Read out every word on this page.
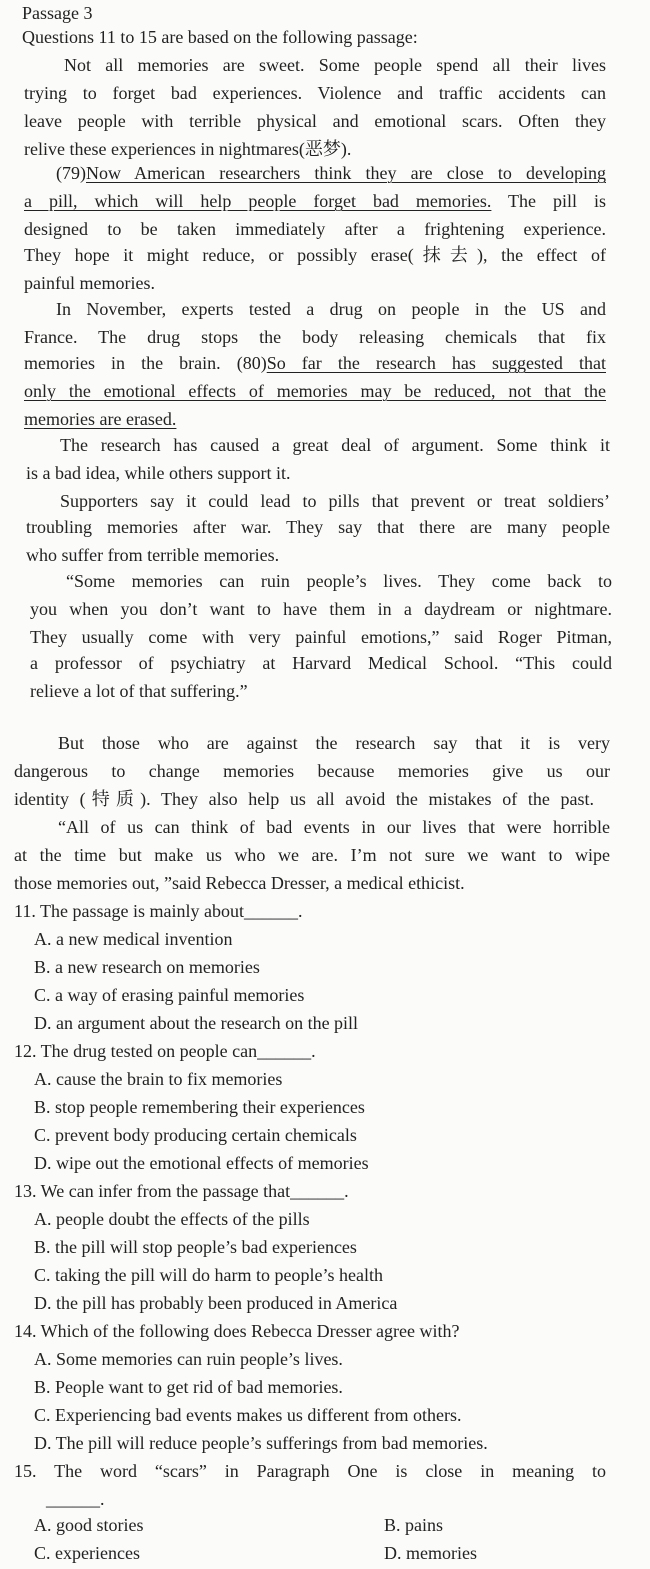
Passage 3
Questions 11 to 15 are based on the following passage:
Not all memories are sweet. Some people spend all their lives
trying to forget bad experiences. Violence and traffic accidents can
leave people with terrible physical and emotional scars. Often they
relive these experiences in nightmares(恶梦).
(79)Now American researchers think they are close to developing
a pill, which will help people forget bad memories. The pill is
designed to be taken immediately after a frightening experience.
They hope it might reduce, or possibly erase(抹去), the effect of
painful memories.
In November, experts tested a drug on people in the US and
France. The drug stops the body releasing chemicals that fix
memories in the brain. (80)So far the research has suggested that
only the emotional effects of memories may be reduced, not that the
memories are erased.
The research has caused a great deal of argument. Some think it
is a bad idea, while others support it.
Supporters say it could lead to pills that prevent or treat soldiers’
troubling memories after war. They say that there are many people
who suffer from terrible memories.
“Some memories can ruin people’s lives. They come back to
you when you don’t want to have them in a daydream or nightmare.
They usually come with very painful emotions,” said Roger Pitman,
a professor of psychiatry at Harvard Medical School. “This could
relieve a lot of that suffering.”
But those who are against the research say that it is very
dangerous to change memories because memories give us our
identity (特质). They also help us all avoid the mistakes of the past.
“All of us can think of bad events in our lives that were horrible
at the time but make us who we are. I’m not sure we want to wipe
those memories out, ”said Rebecca Dresser, a medical ethicist.
11. The passage is mainly about______.
A. a new medical invention
B. a new research on memories
C. a way of erasing painful memories
D. an argument about the research on the pill
12. The drug tested on people can______.
A. cause the brain to fix memories
B. stop people remembering their experiences
C. prevent body producing certain chemicals
D. wipe out the emotional effects of memories
13. We can infer from the passage that______.
A. people doubt the effects of the pills
B. the pill will stop people’s bad experiences
C. taking the pill will do harm to people’s health
D. the pill has probably been produced in America
14. Which of the following does Rebecca Dresser agree with?
A. Some memories can ruin people’s lives.
B. People want to get rid of bad memories.
C. Experiencing bad events makes us different from others.
D. The pill will reduce people’s sufferings from bad memories.
15. The word “scars” in Paragraph One is close in meaning to
______.
A. good stories	B. pains
C. experiences	D. memories
